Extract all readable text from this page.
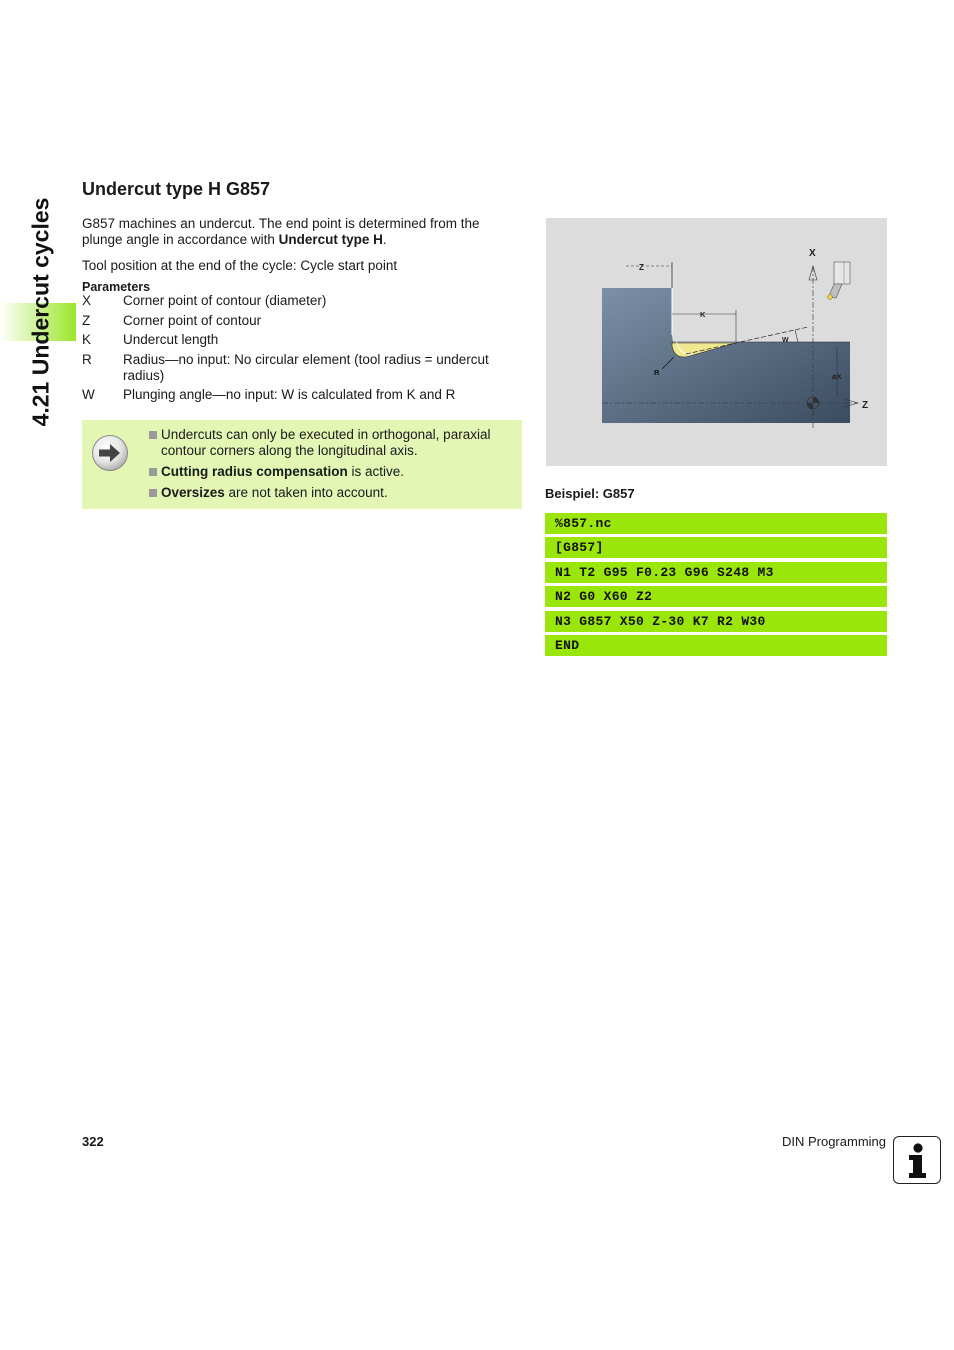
4.21 Undercut cycles
Undercut type H G857
G857 machines an undercut. The end point is determined from the plunge angle in accordance with Undercut type H.
Tool position at the end of the cycle: Cycle start point
Parameters
X Corner point of contour (diameter)
Z Corner point of contour
K Undercut length
R Radius—no input: No circular element (tool radius = undercut radius)
W Plunging angle—no input: W is calculated from K and R
Undercuts can only be executed in orthogonal, paraxial contour corners along the longitudinal axis.
Cutting radius compensation is active.
Oversizes are not taken into account.
Z
K
W
R
X
øX
Z
Beispiel: G857
%857.nc
[G857]
N1 T2 G95 F0.23 G96 S248 M3
N2 G0 X60 Z2
N3 G857 X50 Z-30 K7 R2 W30
END
322	DIN Programming
